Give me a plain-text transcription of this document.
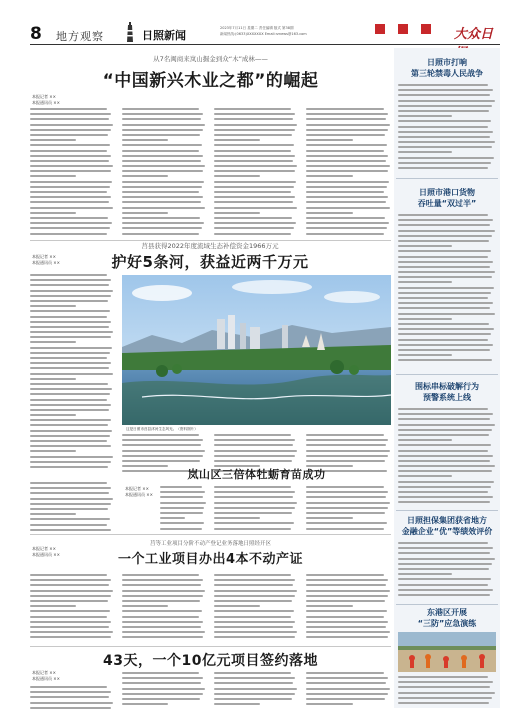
8 地方观察	日照新闻
2023年7月11日 星期二 责任编辑 版式 第38期
新闻热线:(0633)XXXXXXX Email:rznews@163.com	大众日
从7名闽商来岚山掘金到众“木”成林——
“中国新兴木业之都”的崛起
本报记者 ××
本报通讯员 ××
本报记者 ××
本报通讯员 ××
莒县获得2022年度流域生态补偿资金1966万元
护好5条河，获益近两千万元
这是日照市莒县沭河生态风光。（资料图片）
岚山区三倍体牡蛎育苗成功
本报记者 ××
本报通讯员 ××
莒等工业项目分阶不动产登记业务落地日照经开区
一个工业项目办出4本不动产证
本报记者 ××
本报通讯员 ××
43天，一个10亿元项目签约落地
本报记者 ××
本报通讯员 ××
日照市打响
第三轮禁毒人民战争
日照市港口货物
吞吐量“双过半”
围标串标破解行为
预警系统上线
日照担保集团获省地方
金融企业“优”等绩效评价
东港区开展
“三防”应急演练
